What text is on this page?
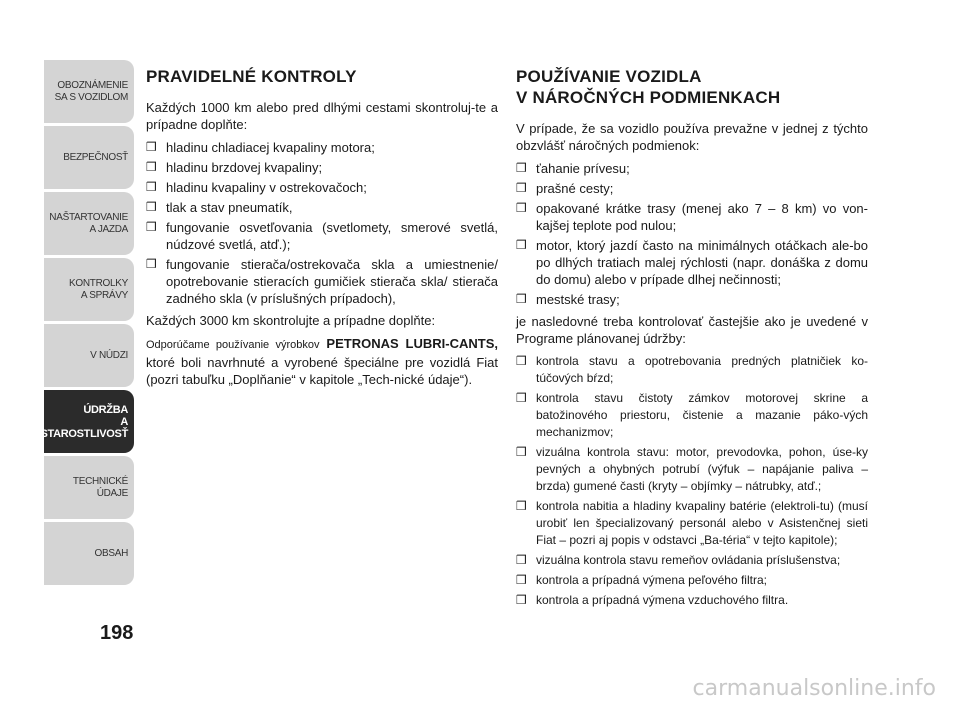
OBOZNÁMENIE
SA S VOZIDLOM
BEZPEČNOSŤ
NAŠTARTOVANIE
A JAZDA
KONTROLKY
A SPRÁVY
V NÚDZI
ÚDRŽBA
A STAROSTLIVOSŤ
TECHNICKÉ
ÚDAJE
OBSAH
198
PRAVIDELNÉ KONTROLY

Každých 1000 km alebo pred dlhými cestami skontroluj-te a prípadne doplňte:

❒ hladinu chladiacej kvapaliny motora;
❒ hladinu brzdovej kvapaliny;
❒ hladinu kvapaliny v ostrekovačoch;
❒ tlak a stav pneumatík,
❒ fungovanie osvetľovania (svetlomety, smerové svetlá, núdzové svetlá, atď.);
❒ fungovanie stierača/ostrekovača skla a umiestnenie/ opotrebovanie stieracích gumičiek stierača skla/ stierača zadného skla (v príslušných prípadoch),

Každých 3000 km skontrolujte a prípadne doplňte:

Odporúčame používanie výrobkov PETRONAS LUBRI-CANTS, ktoré boli navrhnuté a vyrobené špeciálne pre vozidlá Fiat (pozri tabuľku „Doplňanie“ v kapitole „Tech-nické údaje“).

POUŽÍVANIE VOZIDLA
V NÁROČNÝCH PODMIENKACH

V prípade, že sa vozidlo používa prevažne v jednej z týchto obzvlášť náročných podmienok:

❒ ťahanie prívesu;
❒ prašné cesty;
❒ opakované krátke trasy (menej ako 7 – 8 km) vo von-kajšej teplote pod nulou;
❒ motor, ktorý jazdí často na minimálnych otáčkach ale-bo po dlhých tratiach malej rýchlosti (napr. donáška z domu do domu) alebo v prípade dlhej nečinnosti;
❒ mestské trasy;

je nasledovné treba kontrolovať častejšie ako je uvedené v Programe plánovanej údržby:

❒ kontrola stavu a opotrebovania predných platničiek ko-túčových bŕzd;
❒ kontrola stavu čistoty zámkov motorovej skrine a batožinového priestoru, čistenie a mazanie páko-vých mechanizmov;
❒ vizuálna kontrola stavu: motor, prevodovka, pohon, úse-ky pevných a ohybných potrubí (výfuk – napájanie paliva – brzda) gumené časti (kryty – objímky – nátrubky, atď.;
❒ kontrola nabitia a hladiny kvapaliny batérie (elektroli-tu) (musí urobiť len špecializovaný personál alebo v Asistenčnej sieti Fiat – pozri aj popis v odstavci „Ba-téria“ v tejto kapitole);
❒ vizuálna kontrola stavu remeňov ovládania príslušenstva;
❒ kontrola a prípadná výmena peľového filtra;
❒ kontrola a prípadná výmena vzduchového filtra.
carmanualsonline.info
